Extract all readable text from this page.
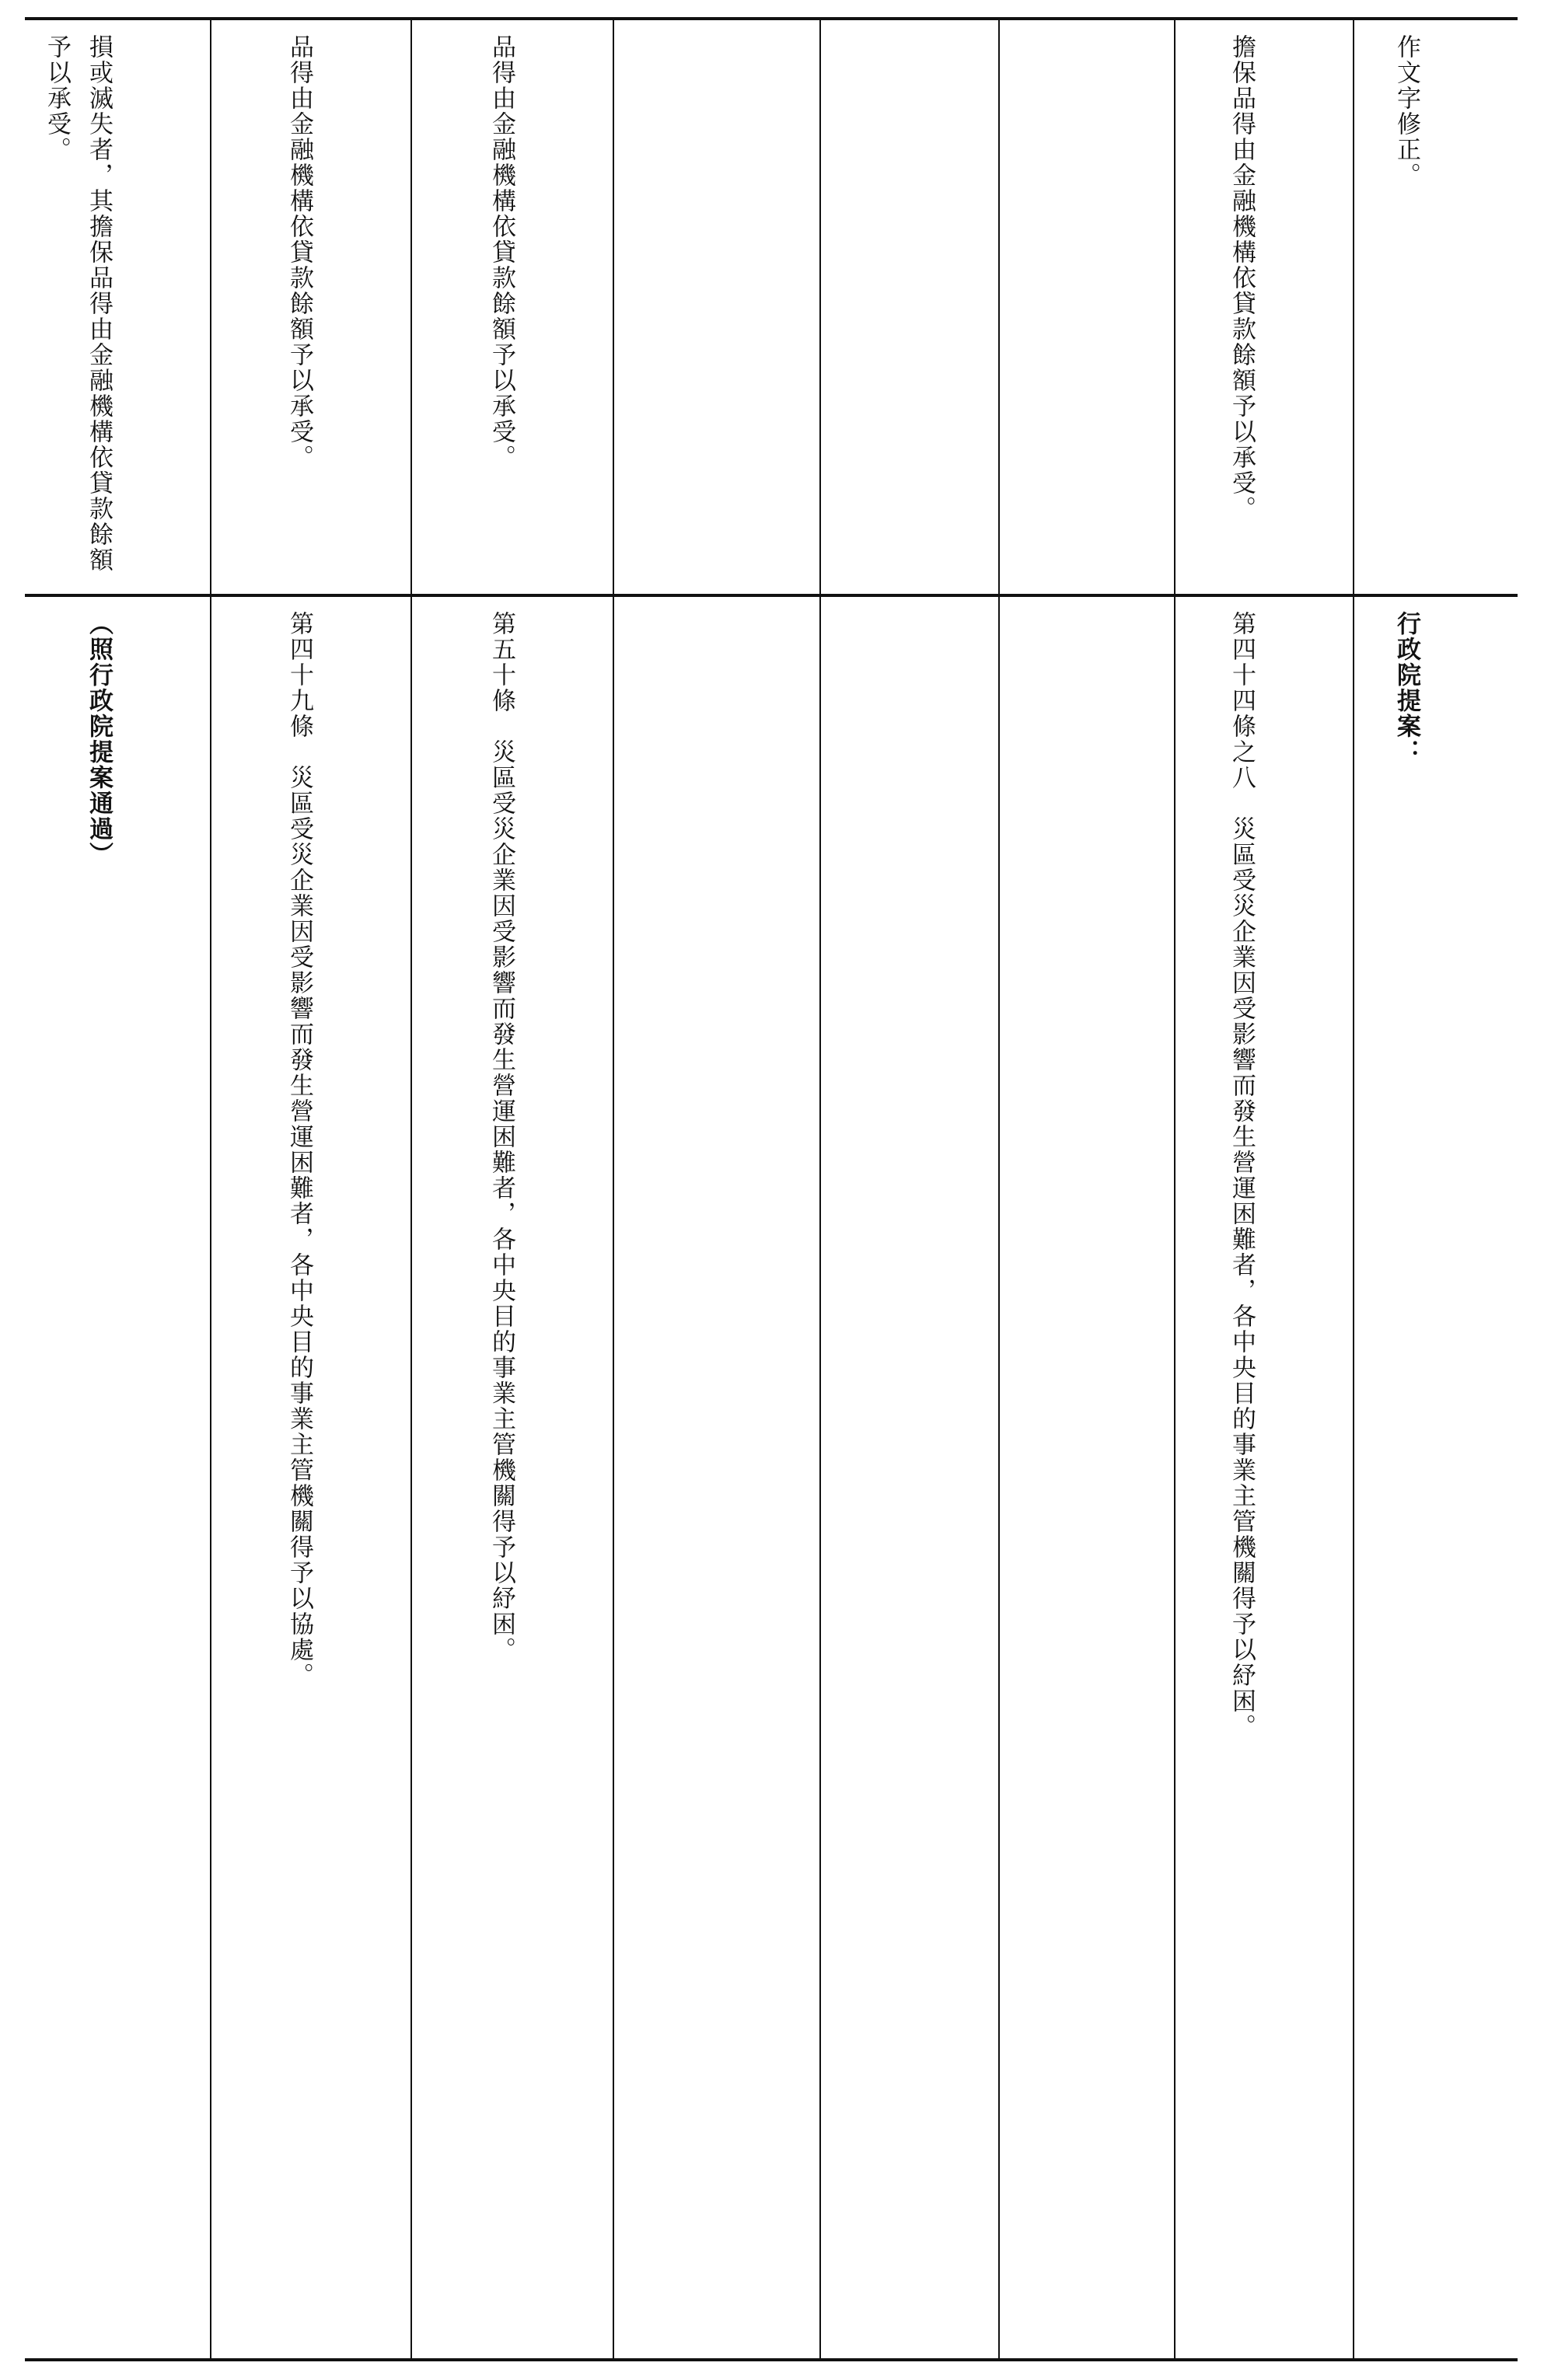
作文字修正。

擔保品得由金融機構依貸款餘額予以承受。

品得由金融機構依貸款餘額予以承受。

品得由金融機構依貸款餘額予以承受。

損或滅失者，其擔保品得由金融機構依貸款餘額予以承受。

行政院提案：

第四十四條之八　災區受災企業因受影響而發生營運困難者，各中央目的事業主管機關得予以紓困。

第五十條　災區受災企業因受影響而發生營運困難者，各中央目的事業主管機關得予以紓困。

第四十九條　災區受災企業因受影響而發生營運困難者，各中央目的事業主管機關得予以協處。

（照行政院提案通過）
